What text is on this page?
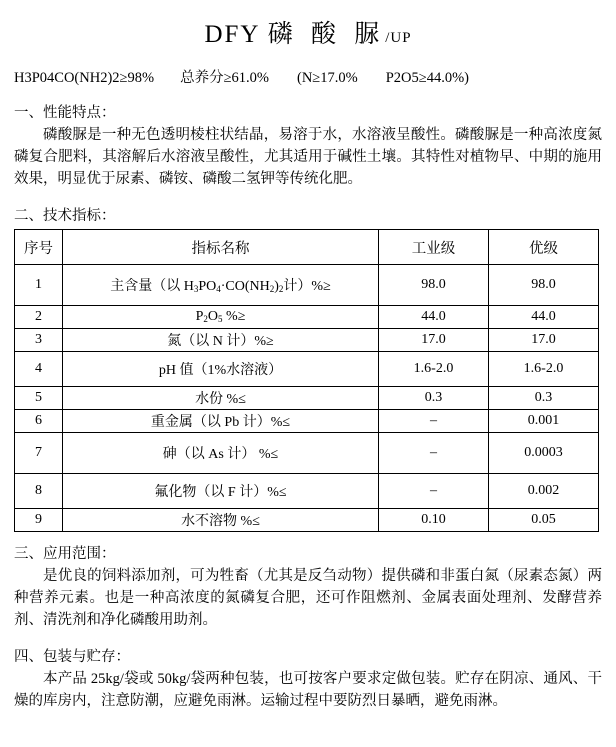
DFY 磷 酸 脲/UP
H3P04CO(NH2)2≥98% 总养分≥61.0% (N≥17.0% P2O5≥44.0%)
一、性能特点：

磷酸脲是一种无色透明棱柱状结晶，易溶于水，水溶液呈酸性。磷酸脲是一种高浓度氮磷复合肥料，其溶解后水溶液呈酸性，尤其适用于碱性土壤。其特性对植物早、中期的施用效果，明显优于尿素、磷铵、磷酸二氢钾等传统化肥。

二、技术指标：
序号	指标名称	工业级	优级
1	主含量（以 $H_3PO_4\cdot CO(NH_2)_2$计）%≥	98.0	98.0
2	$P_2O_5$ %≥	44.0	44.0
3	氮（以 N 计）%≥	17.0	17.0
4	pH 值（1%水溶液）	1.6-2.0	1.6-2.0
5	水份 %≤	0.3	0.3
6	重金属（以 Pb 计）%≤	–	0.001
7	砷（以 As 计） %≤	–	0.0003
8	氟化物（以 F 计）%≤	–	0.002
9	水不溶物 %≤	0.10	0.05
三、应用范围：

是优良的饲料添加剂，可为牲畜（尤其是反刍动物）提供磷和非蛋白氮（尿素态氮）两种营养元素。也是一种高浓度的氮磷复合肥，还可作阻燃剂、金属表面处理剂、发酵营养剂、清洗剂和净化磷酸用助剂。

四、包装与贮存：

本产品 25kg/袋或 50kg/袋两种包装，也可按客户要求定做包装。贮存在阴凉、通风、干燥的库房内，注意防潮，应避免雨淋。运输过程中要防烈日暴晒，避免雨淋。
